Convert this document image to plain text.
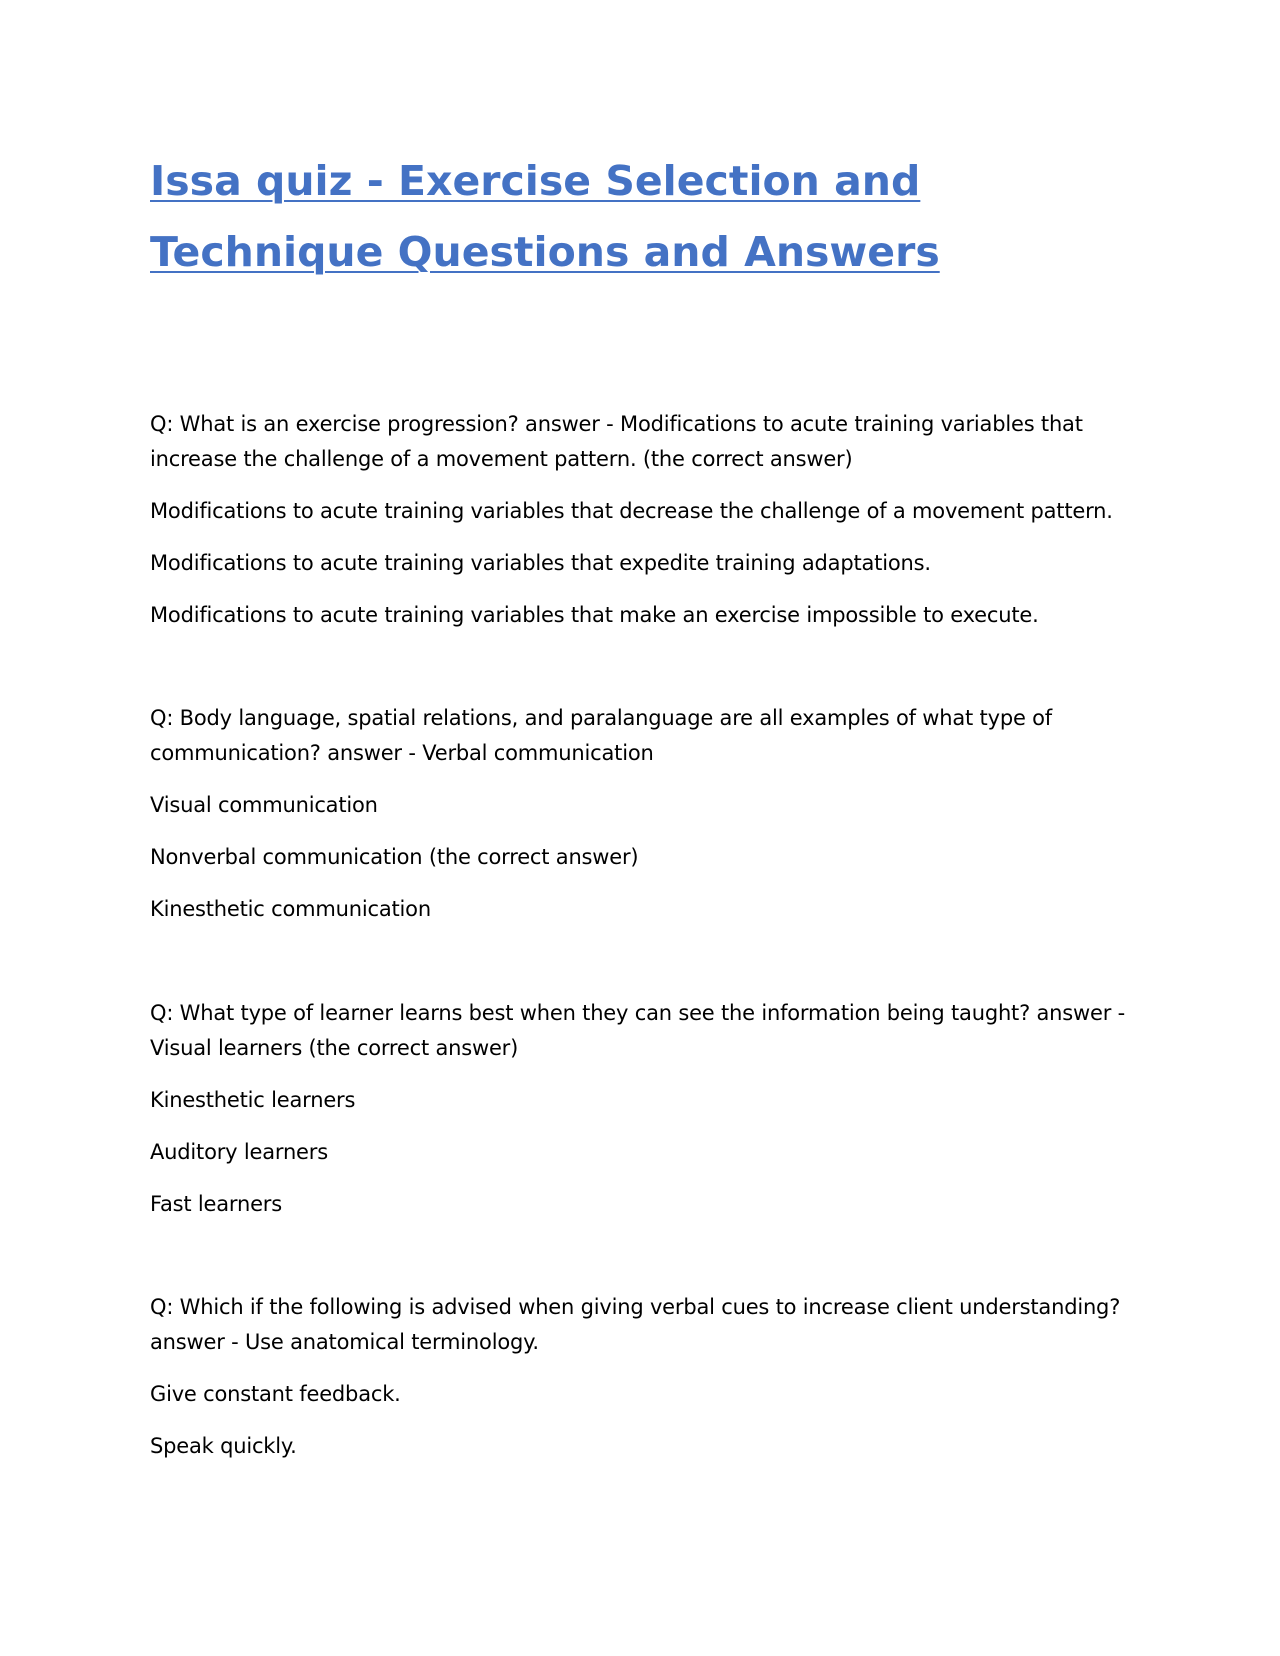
Issa quiz - Exercise Selection and Technique Questions and Answers

Q: What is an exercise progression? answer - Modifications to acute training variables that increase the challenge of a movement pattern. (the correct answer)

Modifications to acute training variables that decrease the challenge of a movement pattern.

Modifications to acute training variables that expedite training adaptations.

Modifications to acute training variables that make an exercise impossible to execute.

Q: Body language, spatial relations, and paralanguage are all examples of what type of communication? answer - Verbal communication

Visual communication

Nonverbal communication (the correct answer)

Kinesthetic communication

Q: What type of learner learns best when they can see the information being taught? answer - Visual learners (the correct answer)

Kinesthetic learners

Auditory learners

Fast learners

Q: Which if the following is advised when giving verbal cues to increase client understanding? answer - Use anatomical terminology.

Give constant feedback.

Speak quickly.
